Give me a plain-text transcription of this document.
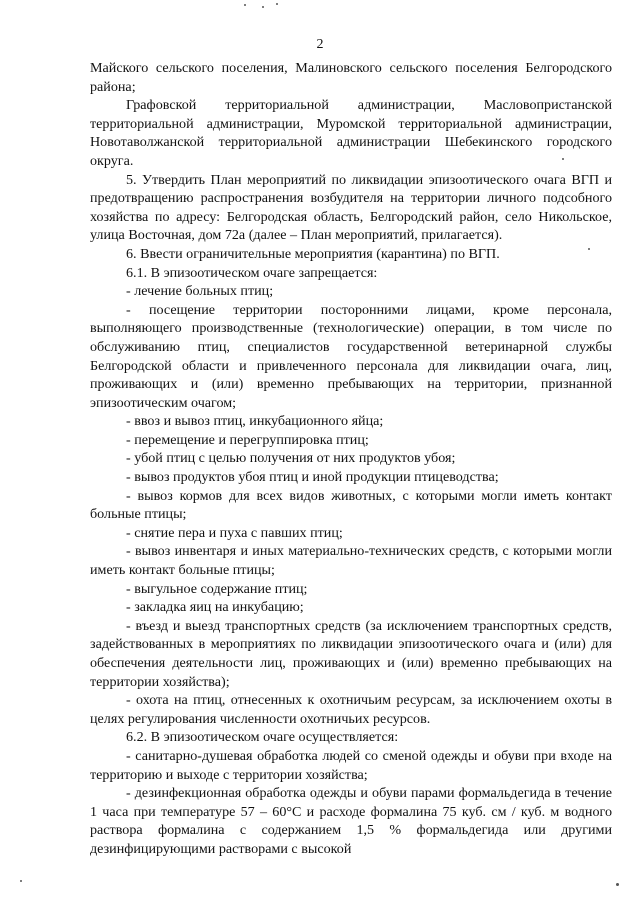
2

Майского сельского поселения, Малиновского сельского поселения Белгородского района;

Графовской территориальной администрации, Масловопристанской территориальной администрации, Муромской территориальной администрации, Новотаволжанской территориальной администрации Шебекинского городского округа.

5. Утвердить План мероприятий по ликвидации эпизоотического очага ВГП и предотвращению распространения возбудителя на территории личного подсобного хозяйства по адресу: Белгородская область, Белгородский район, село Никольское, улица Восточная, дом 72а (далее – План мероприятий, прилагается).

6. Ввести ограничительные мероприятия (карантина) по ВГП.

6.1. В эпизоотическом очаге запрещается:

- лечение больных птиц;

- посещение территории посторонними лицами, кроме персонала, выполняющего производственные (технологические) операции, в том числе по обслуживанию птиц, специалистов государственной ветеринарной службы Белгородской области и привлеченного персонала для ликвидации очага, лиц, проживающих и (или) временно пребывающих на территории, признанной эпизоотическим очагом;

- ввоз и вывоз птиц, инкубационного яйца;

- перемещение и перегруппировка птиц;

- убой птиц с целью получения от них продуктов убоя;

- вывоз продуктов убоя птиц и иной продукции птицеводства;

- вывоз кормов для всех видов животных, с которыми могли иметь контакт больные птицы;

- снятие пера и пуха с павших птиц;

- вывоз инвентаря и иных материально-технических средств, с которыми могли иметь контакт больные птицы;

- выгульное содержание птиц;

- закладка яиц на инкубацию;

- въезд и выезд транспортных средств (за исключением транспортных средств, задействованных в мероприятиях по ликвидации эпизоотического очага и (или) для обеспечения деятельности лиц, проживающих и (или) временно пребывающих на территории хозяйства);

- охота на птиц, отнесенных к охотничьим ресурсам, за исключением охоты в целях регулирования численности охотничьих ресурсов.

6.2. В эпизоотическом очаге осуществляется:

- санитарно-душевая обработка людей со сменой одежды и обуви при входе на территорию и выходе с территории хозяйства;

- дезинфекционная обработка одежды и обуви парами формальдегида в течение 1 часа при температуре 57 – 60°С и расходе формалина 75 куб. см / куб. м водного раствора формалина с содержанием 1,5 % формальдегида или другими дезинфицирующими растворами с высокой
